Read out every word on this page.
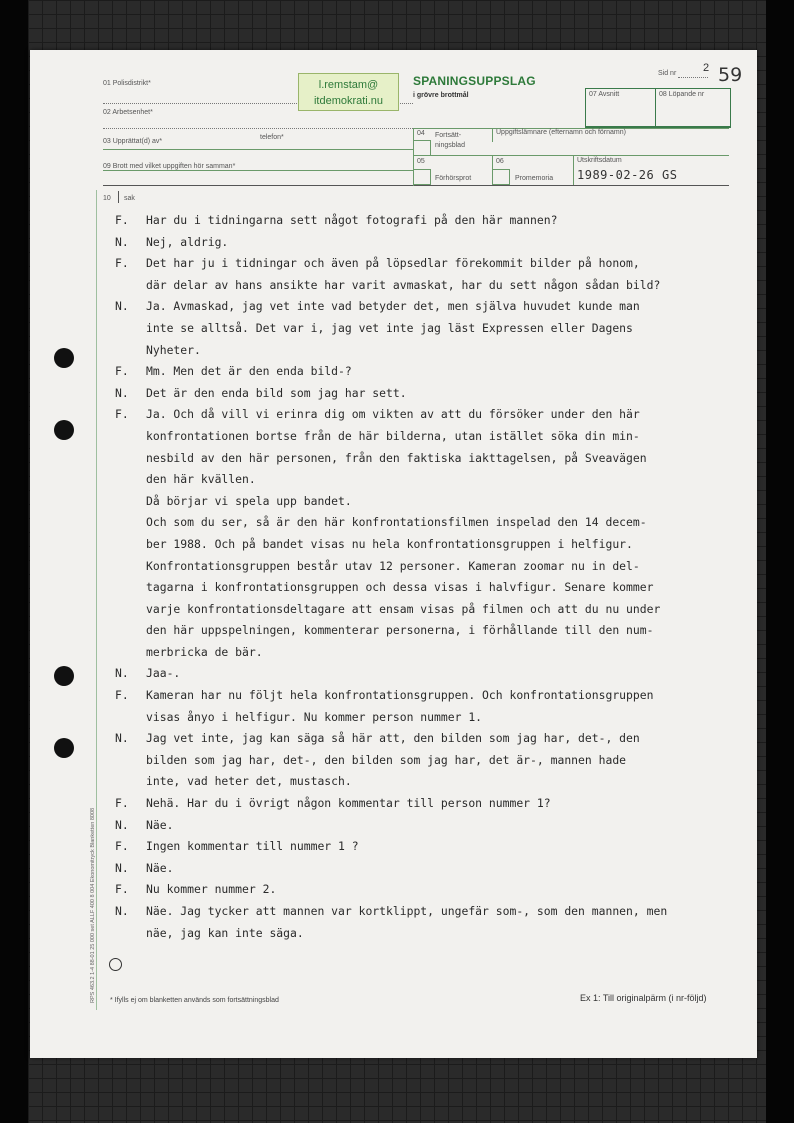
01 Polisdistrikt*
02 Arbetsenhet*
03 Upprättat(d) av*
telefon*
09 Brott med vilket uppgiften hör samman*
10 sak
l.remstam@
itdemokrati.nu
SPANINGSUPPSLAG
i grövre brottmål
Sid nr 2 59
07 Avsnitt	08 Löpande nr
04 Fortsätt-
ningsblad
Uppgiftslämnare (efternamn och förnamn)
05
Förhörsprot
06
Promemoria
Utskriftsdatum
1989-02-26 GS
F.	Har du i tidningarna sett något fotografi på den här mannen?
N.	Nej, aldrig.
F.	Det har ju i tidningar och även på löpsedlar förekommit bilder på honom,
där delar av hans ansikte har varit avmaskat, har du sett någon sådan bild?
N.	Ja. Avmaskad, jag vet inte vad betyder det, men själva huvudet kunde man
inte se alltså. Det var i, jag vet inte jag läst Expressen eller Dagens
Nyheter.
F.	Mm. Men det är den enda bild-?
N.	Det är den enda bild som jag har sett.
F.	Ja. Och då vill vi erinra dig om vikten av att du försöker under den här
konfrontationen bortse från de här bilderna, utan istället söka din min-
nesbild av den här personen, från den faktiska iakttagelsen, på Sveavägen
den här kvällen.
Då börjar vi spela upp bandet.
Och som du ser, så är den här konfrontationsfilmen inspelad den 14 decem-
ber 1988. Och på bandet visas nu hela konfrontationsgruppen i helfigur.
Konfrontationsgruppen består utav 12 personer. Kameran zoomar nu in del-
tagarna i konfrontationsgruppen och dessa visas i halvfigur. Senare kommer
varje konfrontationsdeltagare att ensam visas på filmen och att du nu under
den här uppspelningen, kommenterar personerna, i förhållande till den num-
merbricka de bär.
N.	Jaa-.
F.	Kameran har nu följt hela konfrontationsgruppen. Och konfrontationsgruppen
visas ånyo i helfigur. Nu kommer person nummer 1.
N.	Jag vet inte, jag kan säga så här att, den bilden som jag har, det-, den
bilden som jag har, det-, den bilden som jag har, det är-, mannen hade
inte, vad heter det, mustasch.
F.	Nehä. Har du i övrigt någon kommentar till person nummer 1?
N.	Näe.
F.	Ingen kommentar till nummer 1 ?
N.	Näe.
F.	Nu kommer nummer 2.
N.	Näe. Jag tycker att mannen var kortklippt, ungefär som-, som den mannen, men
näe, jag kan inte säga.
RPS 463.2 1-4 88-01 25 000 set ALLF 400 8 004 Ekonomitryck Blanketten 8008 * Ifylls ej om blanketten används som fortsättningsblad	Ex 1: Till originalpärm (i nr-följd)
